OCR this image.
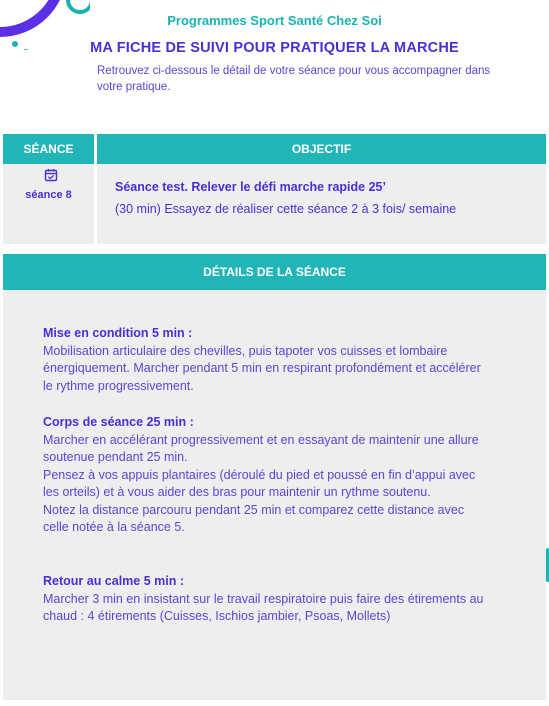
Programmes Sport Santé Chez Soi
MA FICHE DE SUIVI POUR PRATIQUER LA MARCHE
Retrouvez ci-dessous le détail de votre séance pour vous accompagner dans votre pratique.
SÉANCE	OBJECTIF
séance 8
Séance test. Relever le défi marche rapide 25’
(30 min) Essayez de réaliser cette séance 2 à 3 fois/ semaine
DÉTAILS DE LA SÉANCE
Mise en condition 5 min :

Mobilisation articulaire des chevilles, puis tapoter vos cuisses et lombaire énergiquement. Marcher pendant 5 min en respirant profondément et accélérer le rythme progressivement.

Corps de séance 25 min :

Marcher en accélérant progressivement et en essayant de maintenir une allure soutenue pendant 25 min.

Pensez à vos appuis plantaires (déroulé du pied et poussé en fin d’appui avec les orteils) et à vous aider des bras pour maintenir un rythme soutenu.

Notez la distance parcouru pendant 25 min et comparez cette distance avec celle notée à la séance 5.

Retour au calme 5 min :

Marcher 3 min en insistant sur le travail respiratoire puis faire des étirements au chaud : 4 étirements (Cuisses, Ischios jambier, Psoas, Mollets)
